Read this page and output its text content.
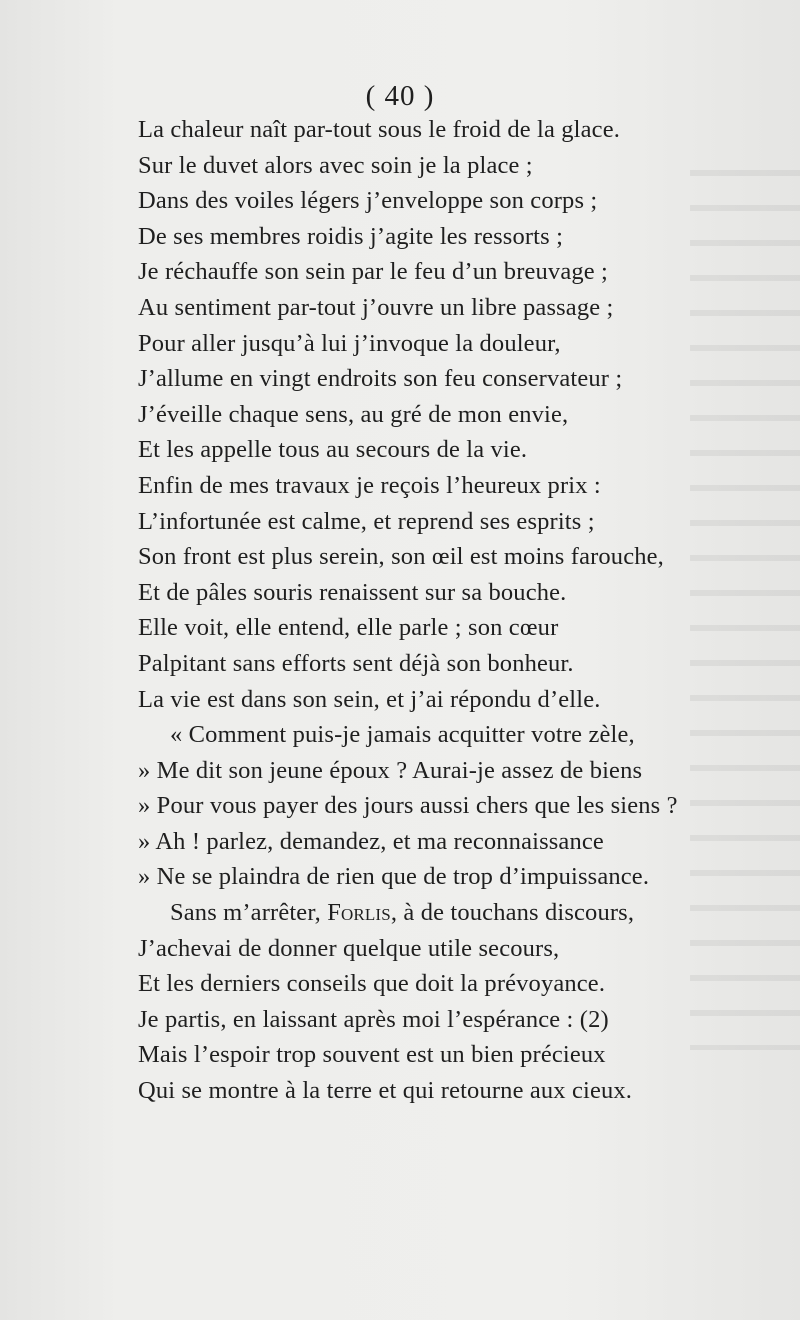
( 40 )
La chaleur naît par-tout sous le froid de la glace.
Sur le duvet alors avec soin je la place ;
Dans des voiles légers j’enveloppe son corps ;
De ses membres roidis j’agite les ressorts ;
Je réchauffe son sein par le feu d’un breuvage ;
Au sentiment par-tout j’ouvre un libre passage ;
Pour aller jusqu’à lui j’invoque la douleur,
J’allume en vingt endroits son feu conservateur ;
J’éveille chaque sens, au gré de mon envie,
Et les appelle tous au secours de la vie.
Enfin de mes travaux je reçois l’heureux prix :
L’infortunée est calme, et reprend ses esprits ;
Son front est plus serein, son œil est moins farouche,
Et de pâles souris renaissent sur sa bouche.
Elle voit, elle entend, elle parle ; son cœur
Palpitant sans efforts sent déjà son bonheur.
La vie est dans son sein, et j’ai répondu d’elle.
« Comment puis-je jamais acquitter votre zèle,
» Me dit son jeune époux ? Aurai-je assez de biens
» Pour vous payer des jours aussi chers que les siens ?
» Ah ! parlez, demandez, et ma reconnaissance
» Ne se plaindra de rien que de trop d’impuissance.
Sans m’arrêter, Forlis, à de touchans discours,
J’achevai de donner quelque utile secours,
Et les derniers conseils que doit la prévoyance.
Je partis, en laissant après moi l’espérance : (2)
Mais l’espoir trop souvent est un bien précieux
Qui se montre à la terre et qui retourne aux cieux.
